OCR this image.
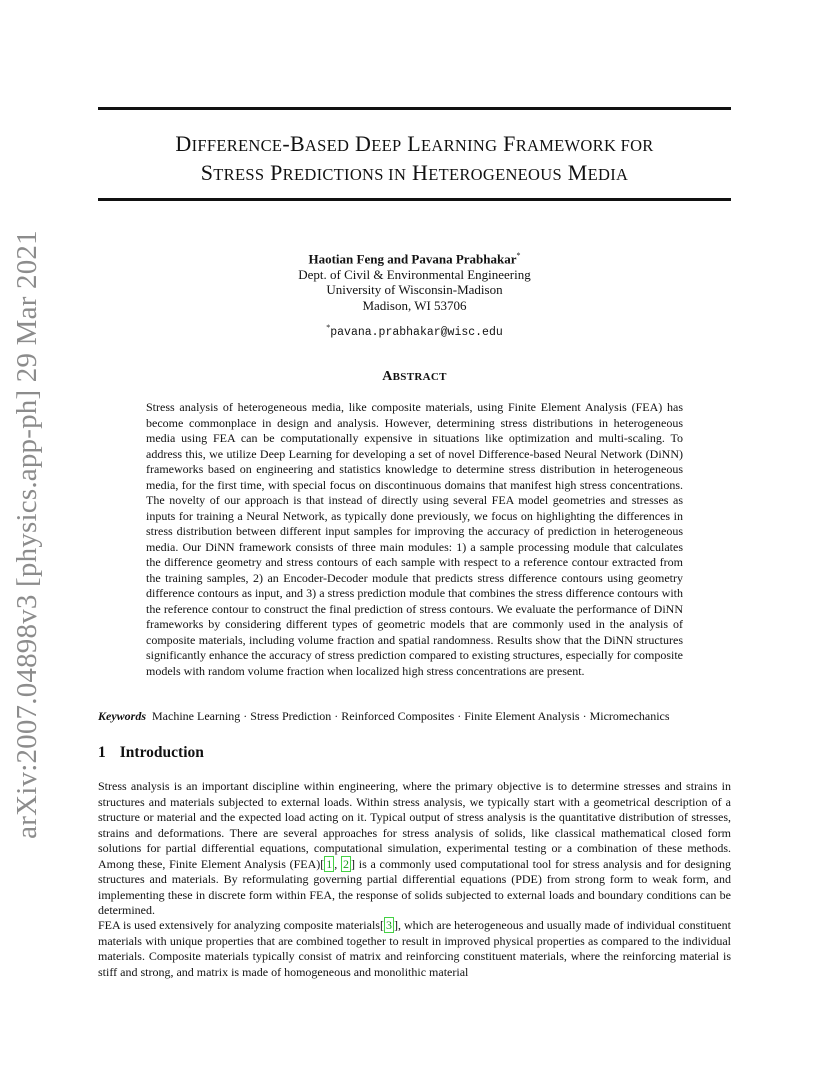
arXiv:2007.04898v3 [physics.app-ph] 29 Mar 2021
DIFFERENCE-BASED DEEP LEARNING FRAMEWORK FOR
STRESS PREDICTIONS IN HETEROGENEOUS MEDIA
Haotian Feng and Pavana Prabhakar*
Dept. of Civil & Environmental Engineering
University of Wisconsin-Madison
Madison, WI 53706
*pavana.prabhakar@wisc.edu
ABSTRACT

Stress analysis of heterogeneous media, like composite materials, using Finite Element Analysis (FEA) has become commonplace in design and analysis. However, determining stress distributions in heterogeneous media using FEA can be computationally expensive in situations like optimization and multi-scaling. To address this, we utilize Deep Learning for developing a set of novel Difference-based Neural Network (DiNN) frameworks based on engineering and statistics knowledge to determine stress distribution in heterogeneous media, for the first time, with special focus on discontinuous domains that manifest high stress concentrations. The novelty of our approach is that instead of directly using several FEA model geometries and stresses as inputs for training a Neural Network, as typically done previously, we focus on highlighting the differences in stress distribution between different input samples for improving the accuracy of prediction in heterogeneous media. Our DiNN framework consists of three main modules: 1) a sample processing module that calculates the difference geometry and stress contours of each sample with respect to a reference contour extracted from the training samples, 2) an Encoder-Decoder module that predicts stress difference contours using geometry difference contours as input, and 3) a stress prediction module that combines the stress difference contours with the reference contour to construct the final prediction of stress contours. We evaluate the performance of DiNN frameworks by considering different types of geometric models that are commonly used in the analysis of composite materials, including volume fraction and spatial randomness. Results show that the DiNN structures significantly enhance the accuracy of stress prediction compared to existing structures, especially for composite models with random volume fraction when localized high stress concentrations are present.

Keywords Machine Learning · Stress Prediction · Reinforced Composites · Finite Element Analysis · Micromechanics
1 Introduction

Stress analysis is an important discipline within engineering, where the primary objective is to determine stresses and strains in structures and materials subjected to external loads. Within stress analysis, we typically start with a geometrical description of a structure or material and the expected load acting on it. Typical output of stress analysis is the quantitative distribution of stresses, strains and deformations. There are several approaches for stress analysis of solids, like classical mathematical closed form solutions for partial differential equations, computational simulation, experimental testing or a combination of these methods. Among these, Finite Element Analysis (FEA)[ 1 , 2 ] is a commonly used computational tool for stress analysis and for designing structures and materials. By reformulating governing partial differential equations (PDE) from strong form to weak form, and implementing these in discrete form within FEA, the response of solids subjected to external loads and boundary conditions can be determined.

FEA is used extensively for analyzing composite materials[ 3 ], which are heterogeneous and usually made of individual constituent materials with unique properties that are combined together to result in improved physical properties as compared to the individual materials. Composite materials typically consist of matrix and reinforcing constituent materials, where the reinforcing material is stiff and strong, and matrix is made of homogeneous and monolithic material
